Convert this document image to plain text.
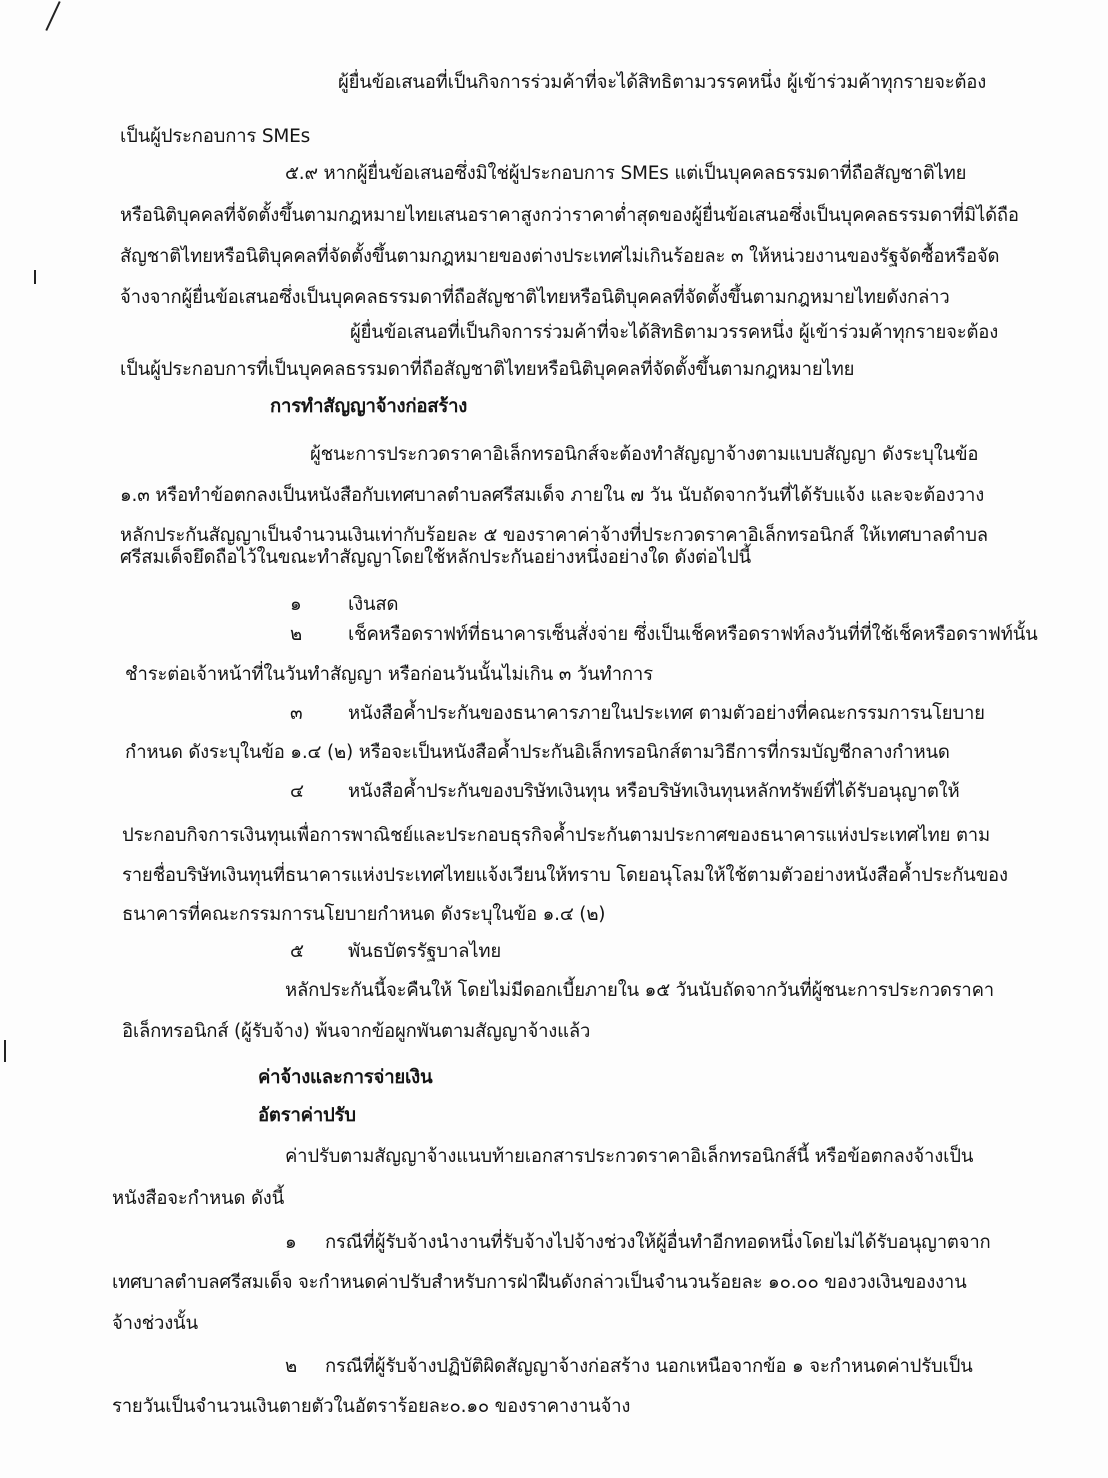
ผู้ยื่นข้อเสนอที่เป็นกิจการร่วมค้าที่จะได้สิทธิตามวรรคหนึ่ง ผู้เข้าร่วมค้าทุกรายจะต้อง
เป็นผู้ประกอบการ SMEs
๕.๙ หากผู้ยื่นข้อเสนอซึ่งมิใช่ผู้ประกอบการ SMEs แต่เป็นบุคคลธรรมดาที่ถือสัญชาติไทย
หรือนิติบุคคลที่จัดตั้งขึ้นตามกฎหมายไทยเสนอราคาสูงกว่าราคาต่ำสุดของผู้ยื่นข้อเสนอซึ่งเป็นบุคคลธรรมดาที่มิได้ถือ
สัญชาติไทยหรือนิติบุคคลที่จัดตั้งขึ้นตามกฎหมายของต่างประเทศไม่เกินร้อยละ ๓ ให้หน่วยงานของรัฐจัดซื้อหรือจัด
จ้างจากผู้ยื่นข้อเสนอซึ่งเป็นบุคคลธรรมดาที่ถือสัญชาติไทยหรือนิติบุคคลที่จัดตั้งขึ้นตามกฎหมายไทยดังกล่าว
ผู้ยื่นข้อเสนอที่เป็นกิจการร่วมค้าที่จะได้สิทธิตามวรรคหนึ่ง ผู้เข้าร่วมค้าทุกรายจะต้อง
เป็นผู้ประกอบการที่เป็นบุคคลธรรมดาที่ถือสัญชาติไทยหรือนิติบุคคลที่จัดตั้งขึ้นตามกฎหมายไทย
การทำสัญญาจ้างก่อสร้าง
ผู้ชนะการประกวดราคาอิเล็กทรอนิกส์จะต้องทำสัญญาจ้างตามแบบสัญญา ดังระบุในข้อ
๑.๓ หรือทำข้อตกลงเป็นหนังสือกับเทศบาลตำบลศรีสมเด็จ ภายใน ๗ วัน นับถัดจากวันที่ได้รับแจ้ง และจะต้องวาง
หลักประกันสัญญาเป็นจำนวนเงินเท่ากับร้อยละ ๕ ของราคาค่าจ้างที่ประกวดราคาอิเล็กทรอนิกส์ ให้เทศบาลตำบล
ศรีสมเด็จยึดถือไว้ในขณะทำสัญญาโดยใช้หลักประกันอย่างหนึ่งอย่างใด ดังต่อไปนี้
๑	เงินสด
๒ เช็คหรือดราฟท์ที่ธนาคารเซ็นสั่งจ่าย ซึ่งเป็นเช็คหรือดราฟท์ลงวันที่ที่ใช้เช็คหรือดราฟท์นั้น
ชำระต่อเจ้าหน้าที่ในวันทำสัญญา หรือก่อนวันนั้นไม่เกิน ๓ วันทำการ
๓ หนังสือค้ำประกันของธนาคารภายในประเทศ ตามตัวอย่างที่คณะกรรมการนโยบาย
กำหนด ดังระบุในข้อ ๑.๔ (๒) หรือจะเป็นหนังสือค้ำประกันอิเล็กทรอนิกส์ตามวิธีการที่กรมบัญชีกลางกำหนด
๔ หนังสือค้ำประกันของบริษัทเงินทุน หรือบริษัทเงินทุนหลักทรัพย์ที่ได้รับอนุญาตให้
ประกอบกิจการเงินทุนเพื่อการพาณิชย์และประกอบธุรกิจค้ำประกันตามประกาศของธนาคารแห่งประเทศไทย ตาม
รายชื่อบริษัทเงินทุนที่ธนาคารแห่งประเทศไทยแจ้งเวียนให้ทราบ โดยอนุโลมให้ใช้ตามตัวอย่างหนังสือค้ำประกันของ
ธนาคารที่คณะกรรมการนโยบายกำหนด ดังระบุในข้อ ๑.๔ (๒)
๕ พันธบัตรรัฐบาลไทย
หลักประกันนี้จะคืนให้ โดยไม่มีดอกเบี้ยภายใน ๑๕ วันนับถัดจากวันที่ผู้ชนะการประกวดราคา
อิเล็กทรอนิกส์ (ผู้รับจ้าง) พ้นจากข้อผูกพันตามสัญญาจ้างแล้ว
ค่าจ้างและการจ่ายเงิน
อัตราค่าปรับ
ค่าปรับตามสัญญาจ้างแนบท้ายเอกสารประกวดราคาอิเล็กทรอนิกส์นี้ หรือข้อตกลงจ้างเป็น
หนังสือจะกำหนด ดังนี้
๑ กรณีที่ผู้รับจ้างนำงานที่รับจ้างไปจ้างช่วงให้ผู้อื่นทำอีกทอดหนึ่งโดยไม่ได้รับอนุญาตจาก
เทศบาลตำบลศรีสมเด็จ จะกำหนดค่าปรับสำหรับการฝ่าฝืนดังกล่าวเป็นจำนวนร้อยละ ๑๐.๐๐ ของวงเงินของงาน
จ้างช่วงนั้น
๒ กรณีที่ผู้รับจ้างปฏิบัติผิดสัญญาจ้างก่อสร้าง นอกเหนือจากข้อ ๑ จะกำหนดค่าปรับเป็น
รายวันเป็นจำนวนเงินตายตัวในอัตราร้อยละ๐.๑๐ ของราคางานจ้าง
